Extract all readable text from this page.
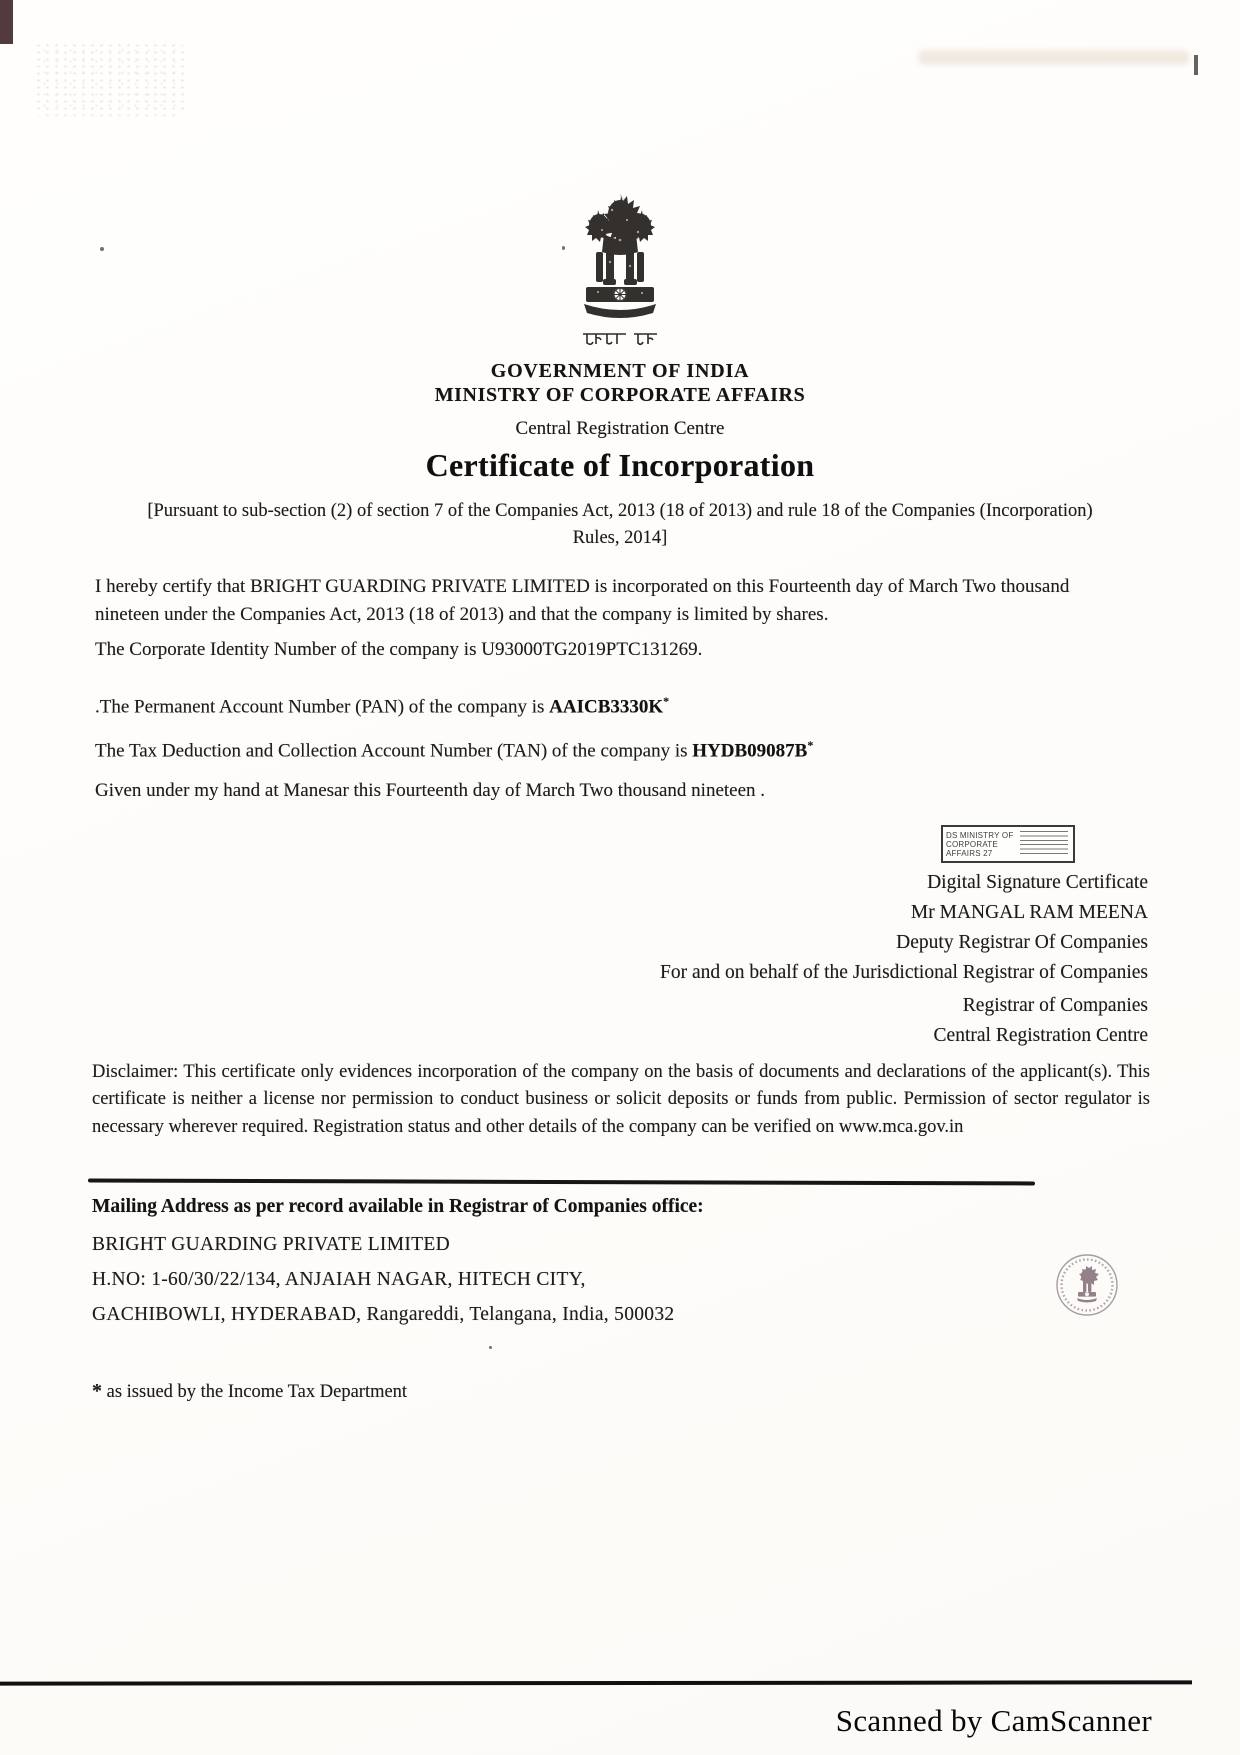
GOVERNMENT OF INDIA
MINISTRY OF CORPORATE AFFAIRS
Central Registration Centre
Certificate of Incorporation
[Pursuant to sub-section (2) of section 7 of the Companies Act, 2013 (18 of 2013) and rule 18 of the Companies (Incorporation) Rules, 2014]

I hereby certify that BRIGHT GUARDING PRIVATE LIMITED is incorporated on this Fourteenth day of March Two thousand nineteen under the Companies Act, 2013 (18 of 2013) and that the company is limited by shares.

The Corporate Identity Number of the company is U93000TG2019PTC131269.
.The Permanent Account Number (PAN) of the company is AAICB3330K*
The Tax Deduction and Collection Account Number (TAN) of the company is HYDB09087B*
Given under my hand at Manesar this Fourteenth day of March Two thousand nineteen .
DS MINISTRY OF
CORPORATE AFFAIRS 27
Digital Signature Certificate
Mr MANGAL RAM MEENA
Deputy Registrar Of Companies
For and on behalf of the Jurisdictional Registrar of Companies
Registrar of Companies
Central Registration Centre

Disclaimer: This certificate only evidences incorporation of the company on the basis of documents and declarations of the applicant(s). This certificate is neither a license nor permission to conduct business or solicit deposits or funds from public. Permission of sector regulator is necessary wherever required. Registration status and other details of the company can be verified on www.mca.gov.in

Mailing Address as per record available in Registrar of Companies office:
BRIGHT GUARDING PRIVATE LIMITED
H.NO: 1-60/30/22/134, ANJAIAH NAGAR, HITECH CITY,
GACHIBOWLI, HYDERABAD, Rangareddi, Telangana, India, 500032
* as issued by the Income Tax Department
Scanned by CamScanner
